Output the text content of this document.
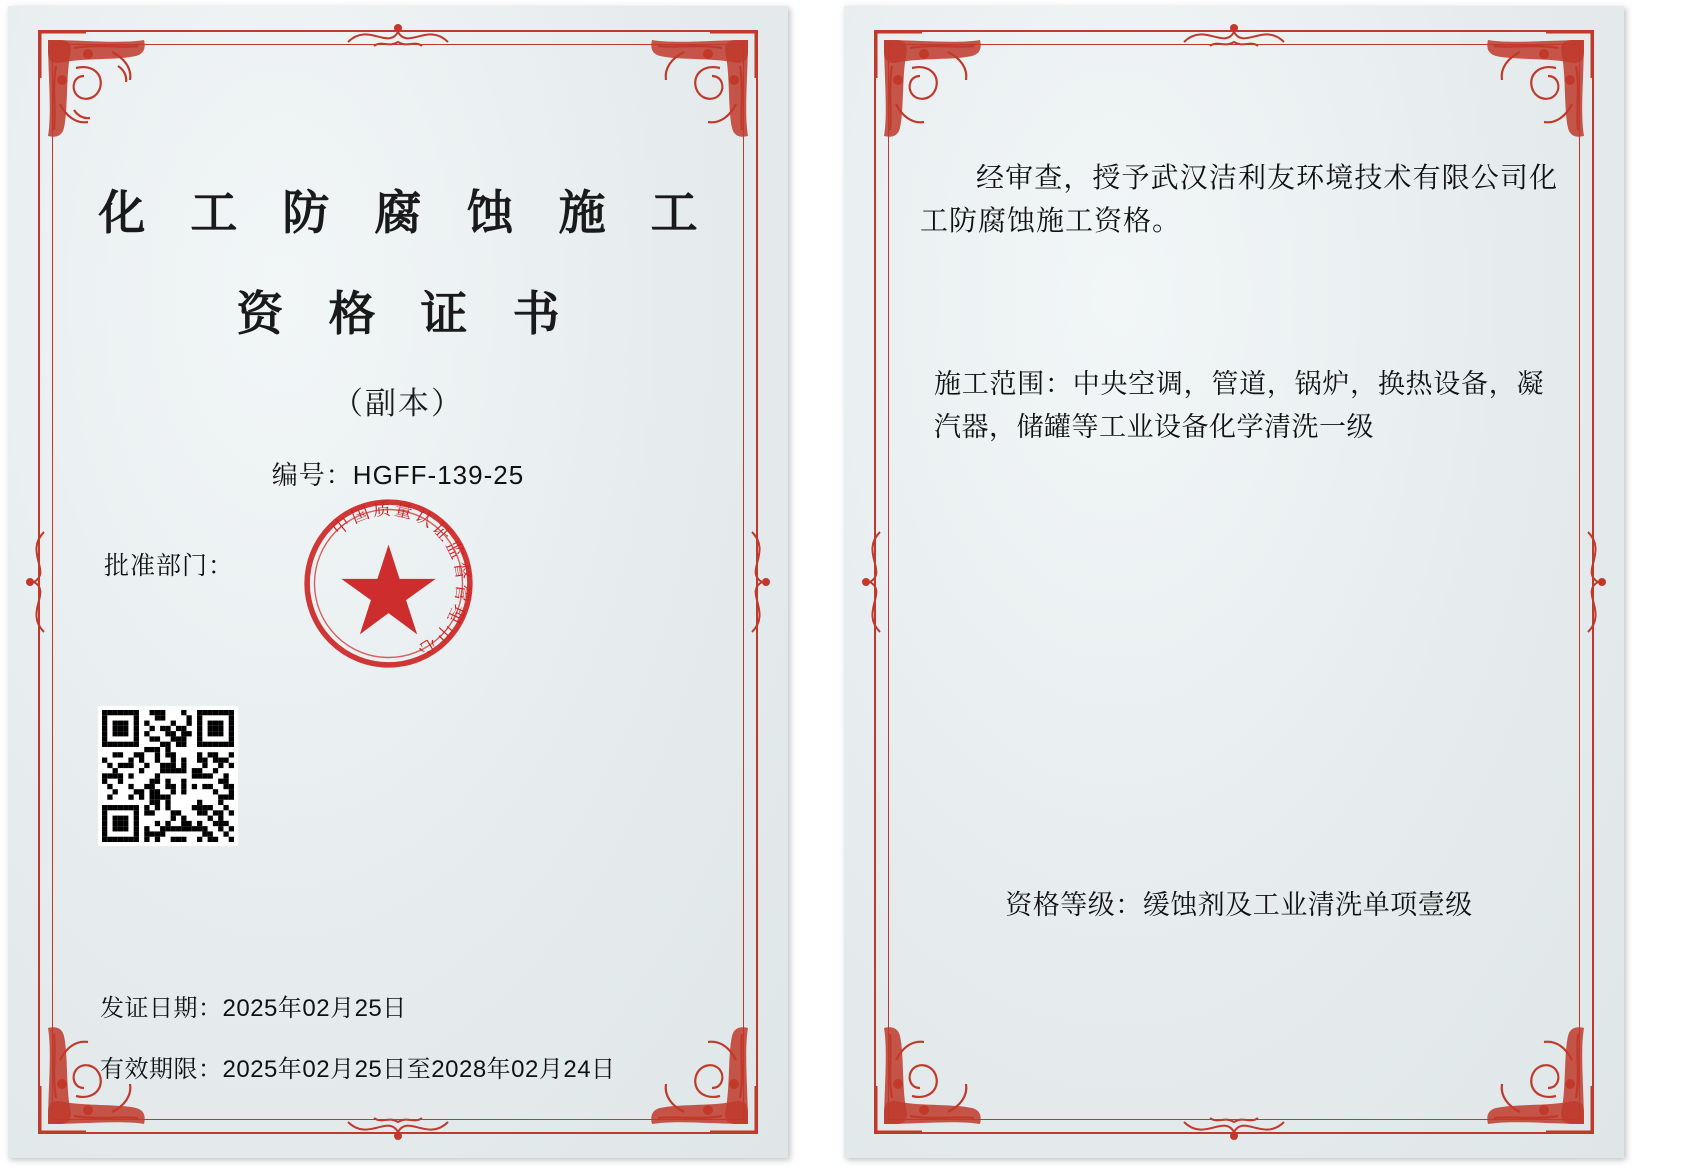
化 工 防 腐 蚀 施 工
资 格 证 书
（副本）
编号：HGFF-139-25
批准部门：
中国质量认证监督管理中心
发证日期：2025年02月25日
有效期限：2025年02月25日至2028年02月24日
经审查，授予武汉洁利友环境技术有限公司化工防腐蚀施工资格。
施工范围：中央空调，管道，锅炉，换热设备，凝汽器，储罐等工业设备化学清洗一级
资格等级：缓蚀剂及工业清洗单项壹级
